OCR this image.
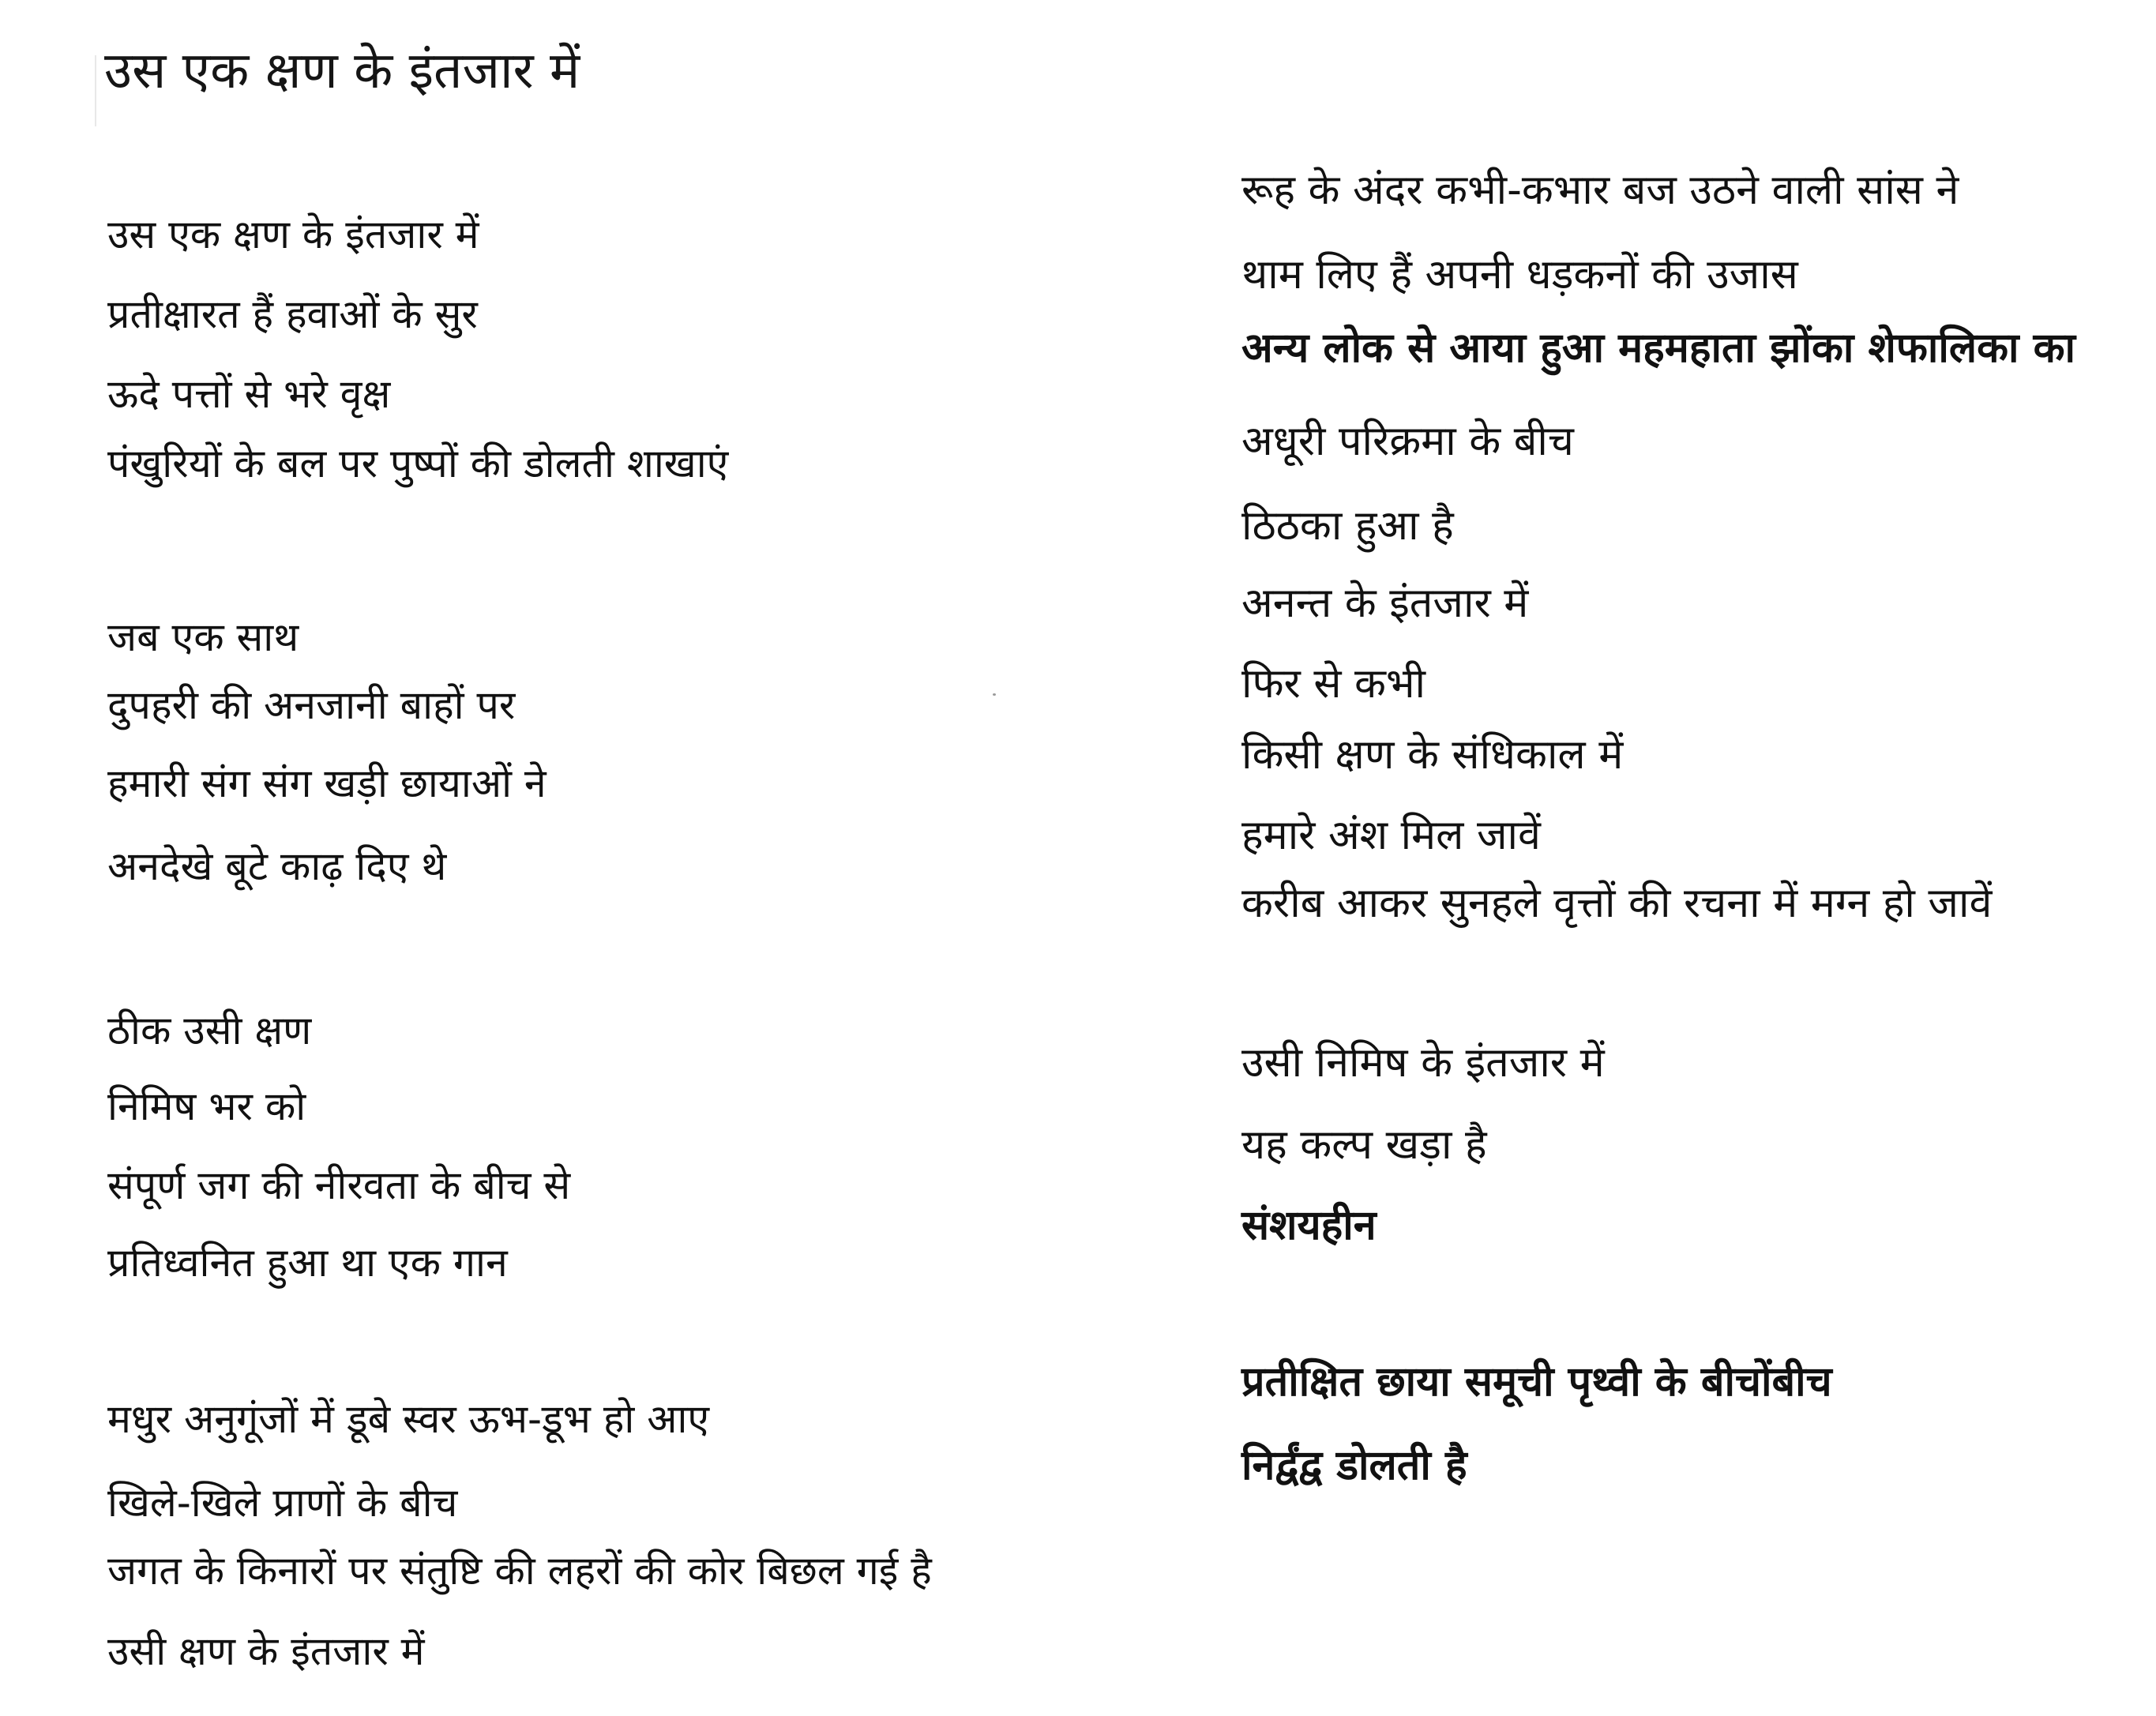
उस एक क्षण के इंतजार में
उस एक क्षण के इंतजार में
प्रतीक्षारत हैं हवाओं के सुर
ऊदे पत्तों से भरे वृक्ष
पंखुरियों के बल पर पुष्पों की डोलती शाखाएं
जब एक साथ
दुपहरी की अनजानी बाहों पर
हमारी संग संग खड़ी छायाओं ने
अनदेखे बूटे काढ़ दिए थे
ठीक उसी क्षण
निमिष भर को
संपूर्ण जग की नीरवता के बीच से
प्रतिध्वनित हुआ था एक गान
मधुर अनुगूंजों में डूबे स्वर ऊभ-डूभ हो आए
खिले-खिले प्राणों के बीच
जगत के किनारों पर संतुष्टि की लहरों की कोर बिछल गई है
उसी क्षण के इंतजार में
रूह के अंदर कभी-कभार बज उठने वाली सांस ने
थाम लिए हैं अपनी धड़कनों की उजास
अन्य लोक से आया हुआ महमहाता झोंका शेफालिका का
अधूरी परिक्रमा के बीच
ठिठका हुआ है
अनन्त के इंतजार में
फिर से कभी
किसी क्षण के संधिकाल में
हमारे अंश मिल जावें
करीब आकर सुनहले वृत्तों की रचना में मग्न हो जावें
उसी निमिष के इंतजार में
यह कल्प खड़ा है
संशयहीन
प्रतीक्षित छाया समूची पृथ्वी के बीचोंबीच
निर्द्वंद्व डोलती है
